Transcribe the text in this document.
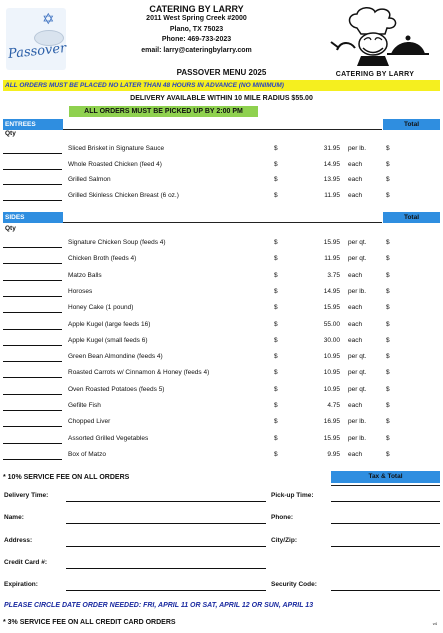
✡
Passover
CATERING BY LARRY
2011 West Spring Creek #2000
Plano, TX 75023
Phone: 469-733-2023
email: larry@cateringbylarry.com
CATERING BY LARRY
PASSOVER MENU 2025
ALL ORDERS MUST BE PLACED NO LATER THAN 48 HOURS IN ADVANCE (NO MINIMUM)
DELIVERY AVAILABLE WITHIN 10 MILE RADIUS $55.00
ALL ORDERS MUST BE PICKED UP BY 2:00 PM
ENTREES	Total
Qty
Sliced Brisket in Signature Sauce	$	31.95 per lb.	$
Whole Roasted Chicken (feed 4)	$	14.95 each	$
Grilled Salmon	$	13.95 each	$
Grilled Skinless Chicken Breast (6 oz.)	$	11.95 each	$
SIDES	Total
Qty
Signature Chicken Soup (feeds 4)	$	15.95 per qt.	$
Chicken Broth (feeds 4)	$	11.95 per qt.	$
Matzo Balls	$	3.75 each	$
Horoses	$	14.95 per lb.	$
Honey Cake (1 pound)	$	15.95 each	$
Apple Kugel (large feeds 16)	$	55.00 each	$
Apple Kugel (small feeds 6)	$	30.00 each	$
Green Bean Almondine (feeds 4)	$	10.95 per qt.	$
Roasted Carrots w/ Cinnamon & Honey (feeds 4)	$	10.95 per qt.	$
Oven Roasted Potatoes (feeds 5)	$	10.95 per qt.	$
Gefilte Fish	$	4.75 each	$
Chopped Liver	$	16.95 per lb.	$
Assorted Grilled Vegetables	$	15.95 per lb.	$
Box of Matzo	$	9.95 each	$
* 10% SERVICE FEE ON ALL ORDERS	Tax & Total
Delivery Time:	Pick-up Time:
Name:	Phone:
Address:	City/Zip:
Credit Card #:
Expiration:	Security Code:
PLEASE CIRCLE DATE ORDER NEEDED: FRI, APRIL 11 OR SAT, APRIL 12 OR SUN, APRIL 13
* 3% SERVICE FEE ON ALL CREDIT CARD ORDERS	v4
